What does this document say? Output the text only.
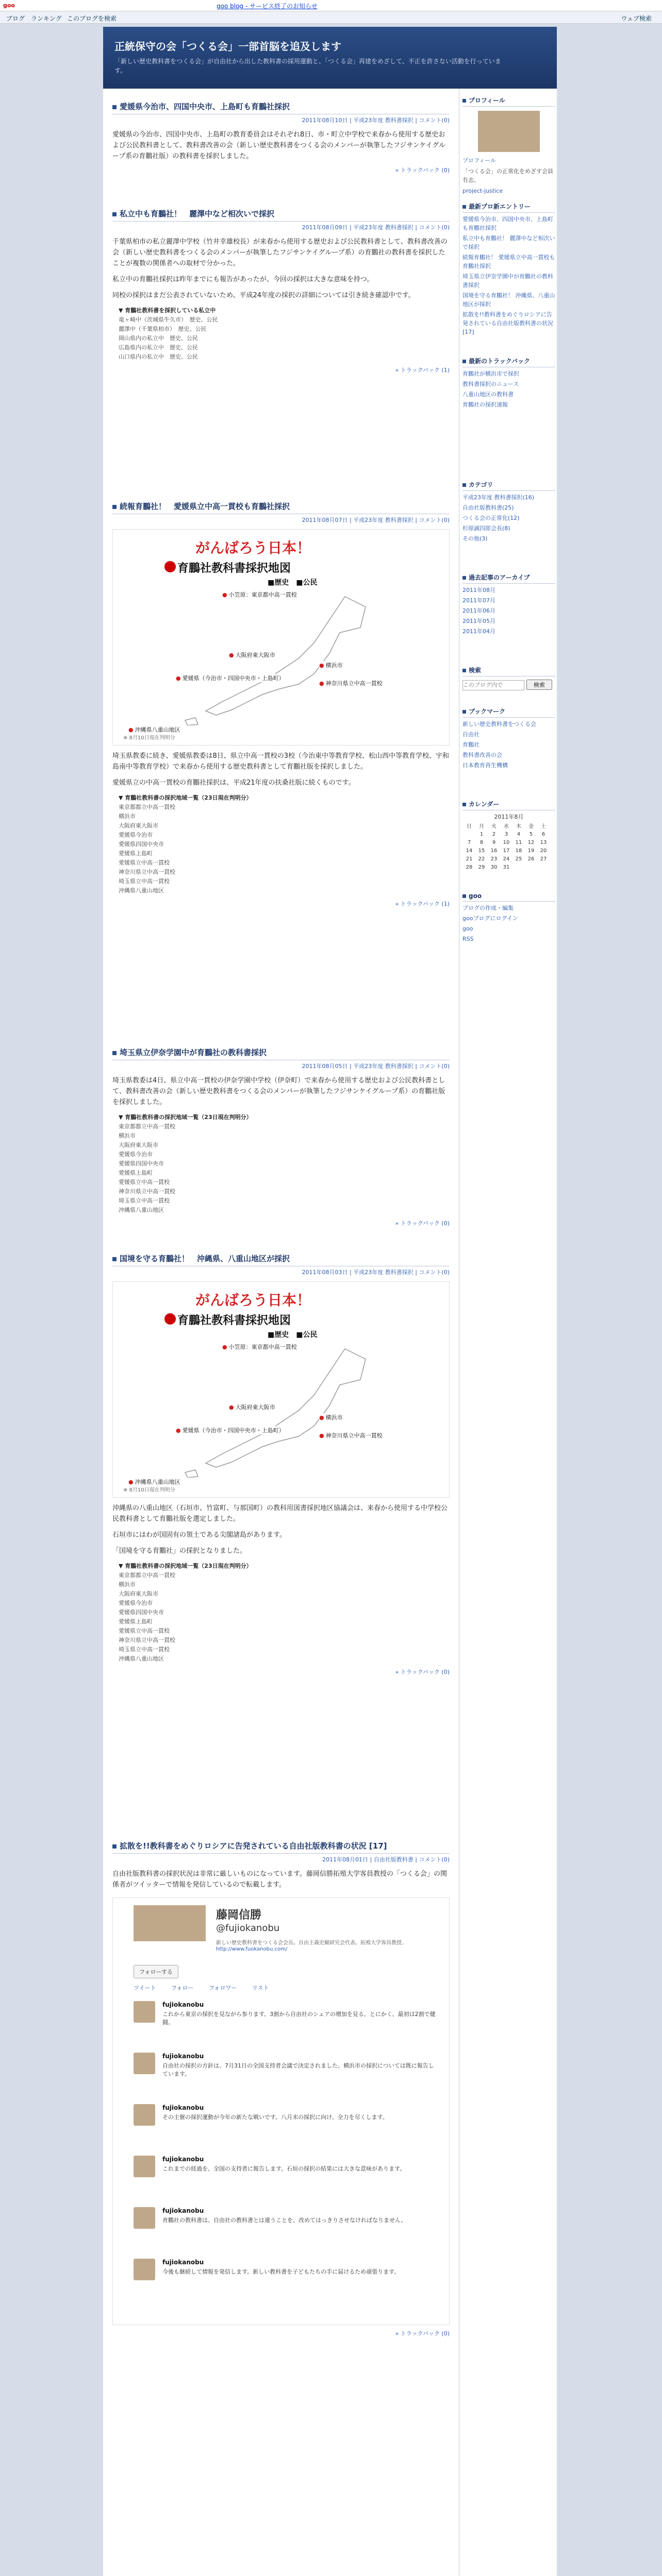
goo	goo blog - サービス終了のお知らせ
ブログ ランキング このブログを検索	ウェブ検索
正統保守の会「つくる会」一部首脳を追及します
「新しい歴史教科書をつくる会」が自由社から出した教科書の採用運動と、「つくる会」再建をめざして、不正を許さない活動を行っています。
愛媛県今治市、四国中央市、上島町も育鵬社採択
2011年08月10日 | 平成23年度 教科書採択 | コメント(0)
愛媛県の今治市、四国中央市、上島町の教育委員会はそれぞれ8日、市・町立中学校で来春から使用する歴史および公民教科書として、教科書改善の会（新しい歴史教科書をつくる会のメンバーが執筆したフジサンケイグループ系の育鵬社版）の教科書を採択しました。
» トラックバック (0)
私立中も育鵬社！　麗澤中など相次いで採択
2011年08月09日 | 平成23年度 教科書採択 | コメント(0)
千葉県柏市の私立麗澤中学校（竹井幸雄校長）が来春から使用する歴史および公民教科書として、教科書改善の会（新しい歴史教科書をつくる会のメンバーが執筆したフジサンケイグループ系）の育鵬社の教科書を採択したことが複数の関係者への取材で分かった。
私立中の育鵬社採択は昨年までにも報告があったが、今回の採択は大きな意味を持つ。
同校の採択はまだ公表されていないため、平成24年度の採択の詳細については引き続き確認中です。
▼ 育鵬社教科書を採択している私立中
竜ヶ崎中（茨城県牛久市）　歴史、公民
麗澤中（千葉県柏市）　歴史、公民
岡山県内の私立中　歴史、公民
広島県内の私立中　歴史、公民
山口県内の私立中　歴史、公民
» トラックバック (1)
続報育鵬社！　愛媛県立中高一貫校も育鵬社採択
2011年08月07日 | 平成23年度 教科書採択 | コメント(0)
がんばろう日本！
育鵬社教科書採択地図
■歴史　■公民
● 小笠原：東京都中高一貫校
● 大阪府東大阪市
● 愛媛県（今治市・四国中央市・上島町）
● 横浜市
● 神奈川県立中高一貫校
● 沖縄県八重山地区
※ 8月10日現在判明分
埼玉県教委に続き、愛媛県教委は8日、県立中高一貫校の3校（今治東中等教育学校、松山西中等教育学校、宇和島南中等教育学校）で来春から使用する歴史教科書として育鵬社版を採択しました。
愛媛県立の中高一貫校の育鵬社採択は、平成21年度の扶桑社版に続くものです。
▼ 育鵬社教科書の採択地域一覧（23日現在判明分）
東京都都立中高一貫校
横浜市
大阪府東大阪市
愛媛県今治市
愛媛県四国中央市
愛媛県上島町
愛媛県立中高一貫校
神奈川県立中高一貫校
埼玉県立中高一貫校
沖縄県八重山地区
» トラックバック (1)
埼玉県立伊奈学園中が育鵬社の教科書採択
2011年08月05日 | 平成23年度 教科書採択 | コメント(0)
埼玉県教委は4日、県立中高一貫校の伊奈学園中学校（伊奈町）で来春から使用する歴史および公民教科書として、教科書改善の会（新しい歴史教科書をつくる会のメンバーが執筆したフジサンケイグループ系）の育鵬社版を採択しました。
▼ 育鵬社教科書の採択地域一覧（23日現在判明分）
東京都都立中高一貫校
横浜市
大阪府東大阪市
愛媛県今治市
愛媛県四国中央市
愛媛県上島町
愛媛県立中高一貫校
神奈川県立中高一貫校
埼玉県立中高一貫校
沖縄県八重山地区
» トラックバック (0)
国境を守る育鵬社！　沖縄県、八重山地区が採択
2011年08月03日 | 平成23年度 教科書採択 | コメント(0)
がんばろう日本！
育鵬社教科書採択地図
■歴史　■公民
● 小笠原：東京都中高一貫校
● 大阪府東大阪市
● 愛媛県（今治市・四国中央市・上島町）
● 横浜市
● 神奈川県立中高一貫校
● 沖縄県八重山地区
※ 8月10日現在判明分
沖縄県の八重山地区（石垣市、竹富町、与那国町）の教科用図書採択地区協議会は、来春から使用する中学校公民教科書として育鵬社版を選定しました。
石垣市にはわが国固有の領土である尖閣諸島があります。
「国境を守る育鵬社」の採択となりました。
▼ 育鵬社教科書の採択地域一覧（23日現在判明分）
東京都都立中高一貫校
横浜市
大阪府東大阪市
愛媛県今治市
愛媛県四国中央市
愛媛県上島町
愛媛県立中高一貫校
神奈川県立中高一貫校
埼玉県立中高一貫校
沖縄県八重山地区
» トラックバック (0)
拡散を!!教科書をめぐりロシアに告発されている自由社版教科書の状況 [17]
2011年08月01日 | 自由社版教科書 | コメント(0)
自由社版教科書の採択状況は非常に厳しいものになっています。藤岡信勝拓殖大学客員教授の「つくる会」の関係者がツイッターで情報を発信しているので転載します。
藤岡信勝
@fujiokanobu
新しい歴史教科書をつくる会会長。自由主義史観研究会代表。拓殖大学客員教授。
http://www.fuokanobu.com/
フォローする
ツイート	フォロー	フォロワー	リスト
fujiokanobu
これから東京の採択を見ながら参ります。3割から自由社のシェアの増加を見る。とにかく、最初は2割で健闘。
fujiokanobu
自由社の採択の方針は、7月31日の全国支持者会議で決定されました。横浜市の採択については既に報告しています。
fujiokanobu
その主催の採択運動が今年の新たな戦いです。八月末の採択に向け、全力を尽くします。
fujiokanobu
これまでの経過を、全国の支持者に報告します。石垣の採択の結果には大きな意味があります。
fujiokanobu
育鵬社の教科書は、自由社の教科書とは違うことを、改めてはっきりさせなければなりません。
fujiokanobu
今後も継続して情報を発信します。新しい教科書を子どもたちの手に届けるため頑張ります。
» トラックバック (0)
プロフィール
プロフィール
「つくる会」の正常化をめざす会員有志。
project-justice
最新プロ新エントリー
愛媛県今治市、四国中央市、上島町も育鵬社採択
私立中も育鵬社！ 麗澤中など相次いで採択
続報育鵬社！ 愛媛県立中高一貫校も育鵬社採択
埼玉県立伊奈学園中が育鵬社の教科書採択
国境を守る育鵬社！ 沖縄県、八重山地区が採択
拡散を!!教科書をめぐりロシアに告発されている自由社版教科書の状況 [17]
最新のトラックバック
育鵬社が横浜市で採択
教科書採択のニュース
八重山地区の教科書
育鵬社の採択速報
カテゴリ
平成23年度 教科書採択(16)
自由社版教科書(25)
つくる会の正常化(12)
杉原誠四郎会長(8)
その他(3)
過去記事のアーカイブ
2011年08月
2011年07月
2011年06月
2011年05月
2011年04月
検索
このブログ内で 検索
ブックマーク
新しい歴史教科書をつくる会
自由社
育鵬社
教科書改善の会
日本教育再生機構
カレンダー
2011年8月
日	月	火	水	木	金	土
	1	2	3	4	5	6
7	8	9	10	11	12	13
14	15	16	17	18	19	20
21	22	23	24	25	26	27
28	29	30	31			
goo
ブログの作成・編集
gooブログにログイン
goo
RSS
